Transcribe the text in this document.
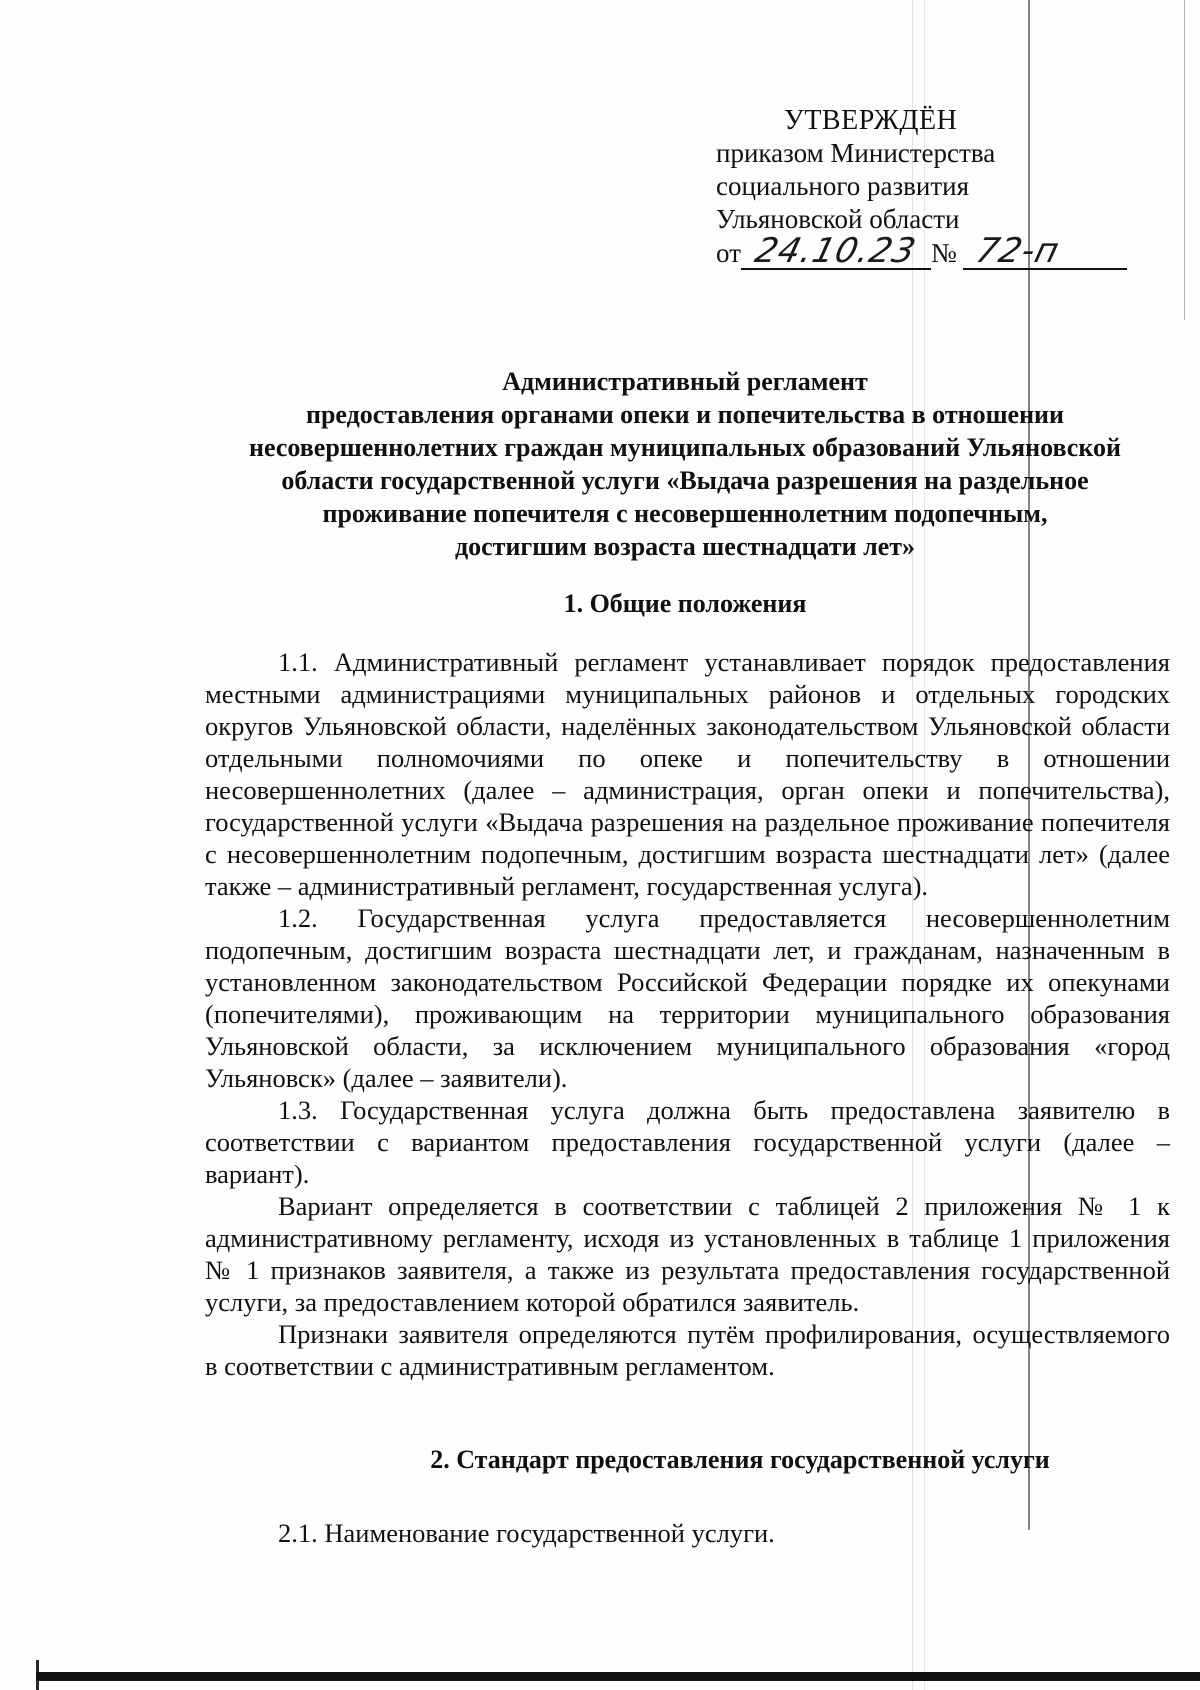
УТВЕРЖДЁН
приказом Министерства
социального развития
Ульяновской области
от 24.10.23 № 72-п
Административный регламент
предоставления органами опеки и попечительства в отношении
несовершеннолетних граждан муниципальных образований Ульяновской
области государственной услуги «Выдача разрешения на раздельное
проживание попечителя с несовершеннолетним подопечным,
достигшим возраста шестнадцати лет»
1. Общие положения

1.1. Административный регламент устанавливает порядок предоставления местными администрациями муниципальных районов и отдельных городских округов Ульяновской области, наделённых законодательством Ульяновской области отдельными полномочиями по опеке и попечительству в отношении несовершеннолетних (далее – администрация, орган опеки и попечительства), государственной услуги «Выдача разрешения на раздельное проживание попечителя с несовершеннолетним подопечным, достигшим возраста шестнадцати лет» (далее также – административный регламент, государственная услуга).

1.2. Государственная услуга предоставляется несовершеннолетним подопечным, достигшим возраста шестнадцати лет, и гражданам, назначенным в установленном законодательством Российской Федерации порядке их опекунами (попечителями), проживающим на территории муниципального образования Ульяновской области, за исключением муниципального образования «город Ульяновск» (далее – заявители).

1.3. Государственная услуга должна быть предоставлена заявителю в соответствии с вариантом предоставления государственной услуги (далее – вариант).

Вариант определяется в соответствии с таблицей 2 приложения № 1 к административному регламенту, исходя из установленных в таблице 1 приложения № 1 признаков заявителя, а также из результата предоставления государственной услуги, за предоставлением которой обратился заявитель.

Признаки заявителя определяются путём профилирования, осуществляемого в соответствии с административным регламентом.

2. Стандарт предоставления государственной услуги

2.1. Наименование государственной услуги.
